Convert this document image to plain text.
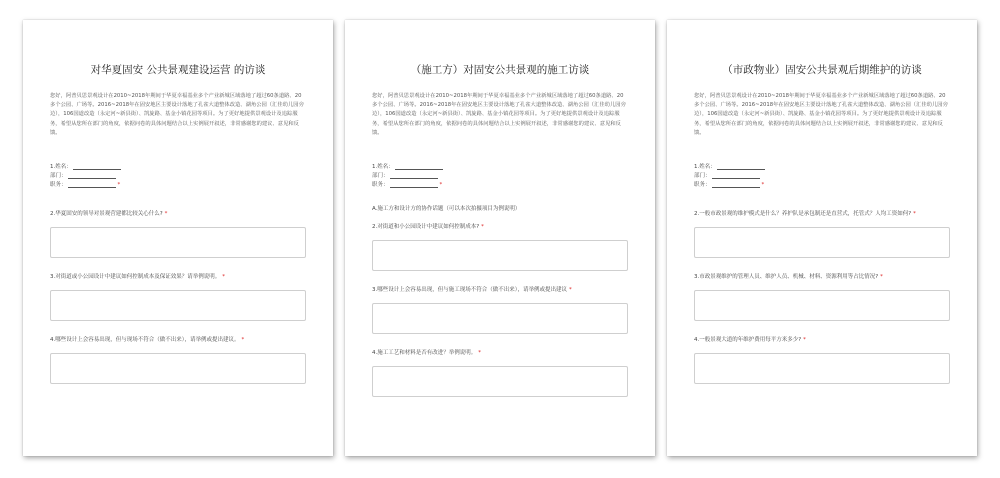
对华夏固安 公共景观建设运营 的访谈
您好，阿普贝思景观设计在2010~2018年期间于华夏幸福基业多个产业新城区域落地了超过60条道路、20多个公园、广场等。2016~2018年在固安地区主要设计落地了孔雀大道整体改造、湖角公园（汇佳幼儿园旁边），106国道改造（永定河~新县街）、凯旋路、基金小镇花园等项目。为了更好地提供景观设计及追踪服务，希望从您所在部门的角度，依据问卷的具体问题结合以上实例展开叙述，非常感谢您的建议、意见和反馈。
1.姓名：
部门：
职务：	*
2.华夏固安的领导对景观营建都比较关心什么? *
3.对街道或小公园设计中建议如何控制成本及保证效果？请举例说明。 *
4.哪些设计上会容易出现，但与现场不符合（做不出来），请举例或提出建议。 *
（施工方）对固安公共景观的施工访谈
您好，阿普贝思景观设计在2010~2018年期间于华夏幸福基业多个产业新城区域落地了超过60条道路、20多个公园、广场等。2016~2018年在固安地区主要设计落地了孔雀大道整体改造、湖角公园（汇佳幼儿园旁边），106国道改造（永定河~新县街）、凯旋路、基金小镇花园等项目。为了更好地提供景观设计及追踪服务，希望从您所在部门的角度，依据问卷的具体问题结合以上实例展开叙述，非常感谢您的建议、意见和反馈。
1.姓名：
部门：
职务：	*
A.施工方和设计方的协作话题（可以本次拍摄项目为例说明）
2.对街道和小公园设计中建议如何控制成本? *
3.哪些设计上会容易出现，但与施工现场不符合（做不出来），请举例或提出建议 *
4.施工工艺和材料是否有改进？举例说明。 *
（市政物业）固安公共景观后期维护的访谈
您好，阿普贝思景观设计在2010~2018年期间于华夏幸福基业多个产业新城区域落地了超过60条道路、20多个公园、广场等。2016~2018年在固安地区主要设计落地了孔雀大道整体改造、湖角公园（汇佳幼儿园旁边），106国道改造（永定河~新县街）、凯旋路、基金小镇花园等项目。为了更好地提供景观设计及追踪服务，希望从您所在部门的角度，依据问卷的具体问题结合以上实例展开叙述，非常感谢您的建议、意见和反馈。
1.姓名：
部门：
职务：	*
2.一般市政景观的维护模式是什么？养护队是承包制还是直营式，托管式？人均工资如何? *
3.市政景观维护的管理人员、维护人员、机械、材料、资源利用等占比情况? *
4.一般景观大道的年维护费用每平方米多少? *
